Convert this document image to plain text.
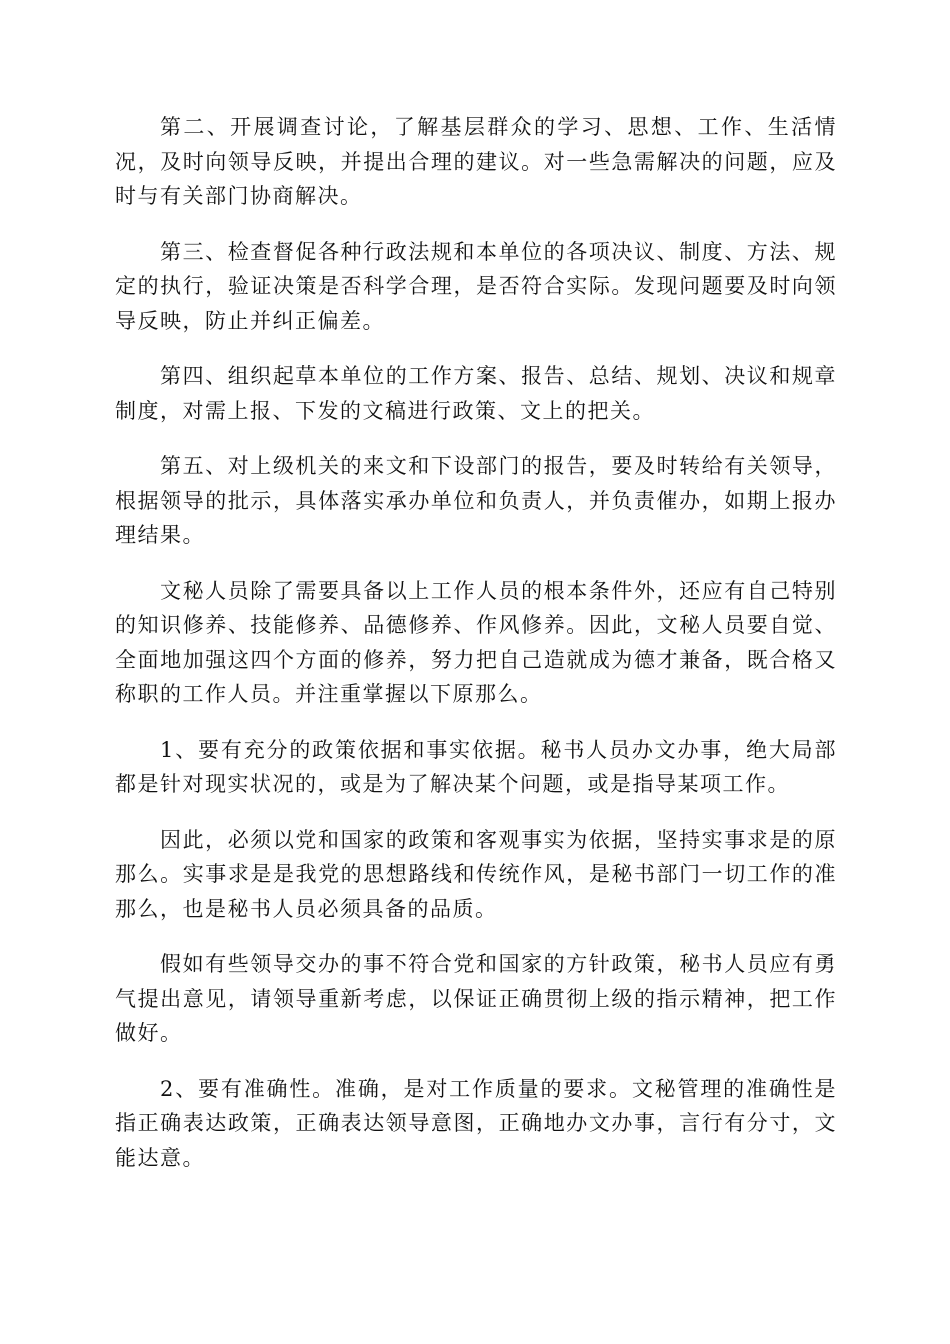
第二、开展调查讨论，了解基层群众的学习、思想、工作、生活情况，及时向领导反映，并提出合理的建议。对一些急需解决的问题，应及时与有关部门协商解决。

第三、检查督促各种行政法规和本单位的各项决议、制度、方法、规定的执行，验证决策是否科学合理，是否符合实际。发现问题要及时向领导反映，防止并纠正偏差。

第四、组织起草本单位的工作方案、报告、总结、规划、决议和规章制度，对需上报、下发的文稿进行政策、文上的把关。

第五、对上级机关的来文和下设部门的报告，要及时转给有关领导，根据领导的批示，具体落实承办单位和负责人，并负责催办，如期上报办理结果。

文秘人员除了需要具备以上工作人员的根本条件外，还应有自己特别的知识修养、技能修养、品德修养、作风修养。因此，文秘人员要自觉、全面地加强这四个方面的修养，努力把自己造就成为德才兼备，既合格又称职的工作人员。并注重掌握以下原那么。

1、要有充分的政策依据和事实依据。秘书人员办文办事，绝大局部都是针对现实状况的，或是为了解决某个问题，或是指导某项工作。

因此，必须以党和国家的政策和客观事实为依据，坚持实事求是的原那么。实事求是是我党的思想路线和传统作风，是秘书部门一切工作的准那么，也是秘书人员必须具备的品质。

假如有些领导交办的事不符合党和国家的方针政策，秘书人员应有勇气提出意见，请领导重新考虑，以保证正确贯彻上级的指示精神，把工作做好。

2、要有准确性。准确，是对工作质量的要求。文秘管理的准确性是指正确表达政策，正确表达领导意图，正确地办文办事，言行有分寸，文能达意。
